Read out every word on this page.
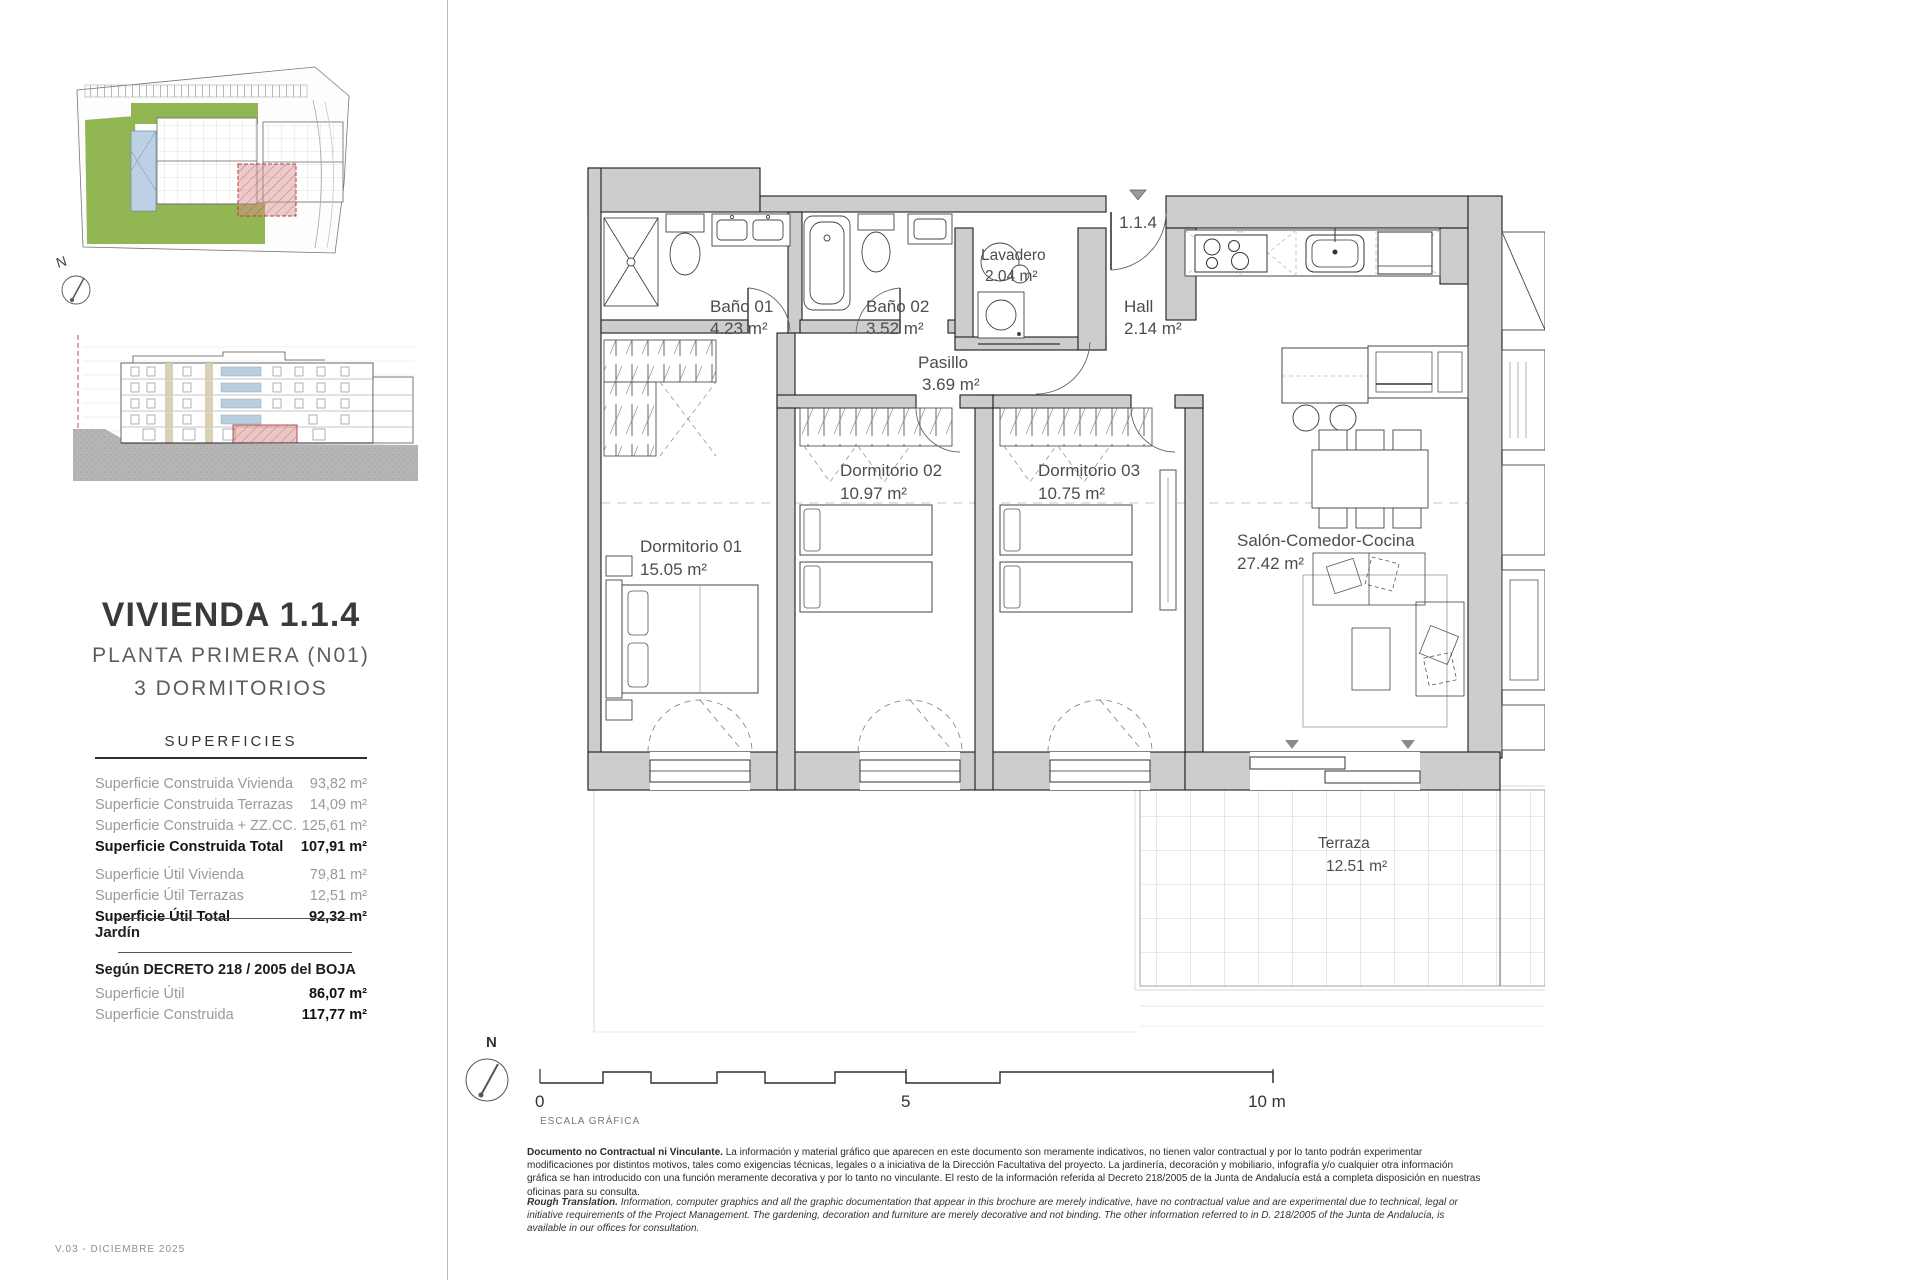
N
VIVIENDA 1.1.4
PLANTA PRIMERA (N01)
3 DORMITORIOS
SUPERFICIES
Superficie Construida Vivienda 93,82 m²
Superficie Construida Terrazas 14,09 m²
Superficie Construida + ZZ.CC. 125,61 m²
Superficie Construida Total 107,91 m²
Superficie Útil Vivienda	79,81 m²
Superficie Útil Terrazas	12,51 m²
Superficie Útil Total	92,32 m²
Jardín
Según DECRETO 218 / 2005 del BOJA
Superficie Útil	86,07 m²
Superficie Construida	117,77 m²
1.1.4
Baño 01
4.23 m²
Baño 02
3.52 m²
Lavadero
2.04 m²
Pasillo
3.69 m²
Hall
2.14 m²
Dormitorio 01
15.05 m²
Dormitorio 02
10.97 m²
Dormitorio 03
10.75 m²
Salón-Comedor-Cocina
27.42 m²
Terraza
12.51 m²
N
0	5	10 m
ESCALA GRÁFICA

Documento no Contractual ni Vinculante. La información y material gráfico que aparecen en este documento son meramente indicativos, no tienen valor contractual y por lo tanto podrán experimentar modificaciones por distintos motivos, tales como exigencias técnicas, legales o a iniciativa de la Dirección Facultativa del proyecto. La jardinería, decoración y mobiliario, infografía y/o cualquier otra información gráfica se han introducido con una función meramente decorativa y por lo tanto no vinculante. El resto de la información referida al Decreto 218/2005 de la Junta de Andalucía está a completa disposición en nuestras oficinas para su consulta.

Rough Translation. Information, computer graphics and all the graphic documentation that appear in this brochure are merely indicative, have no contractual value and are experimental due to technical, legal or initiative requirements of the Project Management. The gardening, decoration and furniture are merely decorative and not binding. The other information referred to in D. 218/2005 of the Junta de Andalucía, is available in our offices for consultation.

V.03 - DICIEMBRE 2025
